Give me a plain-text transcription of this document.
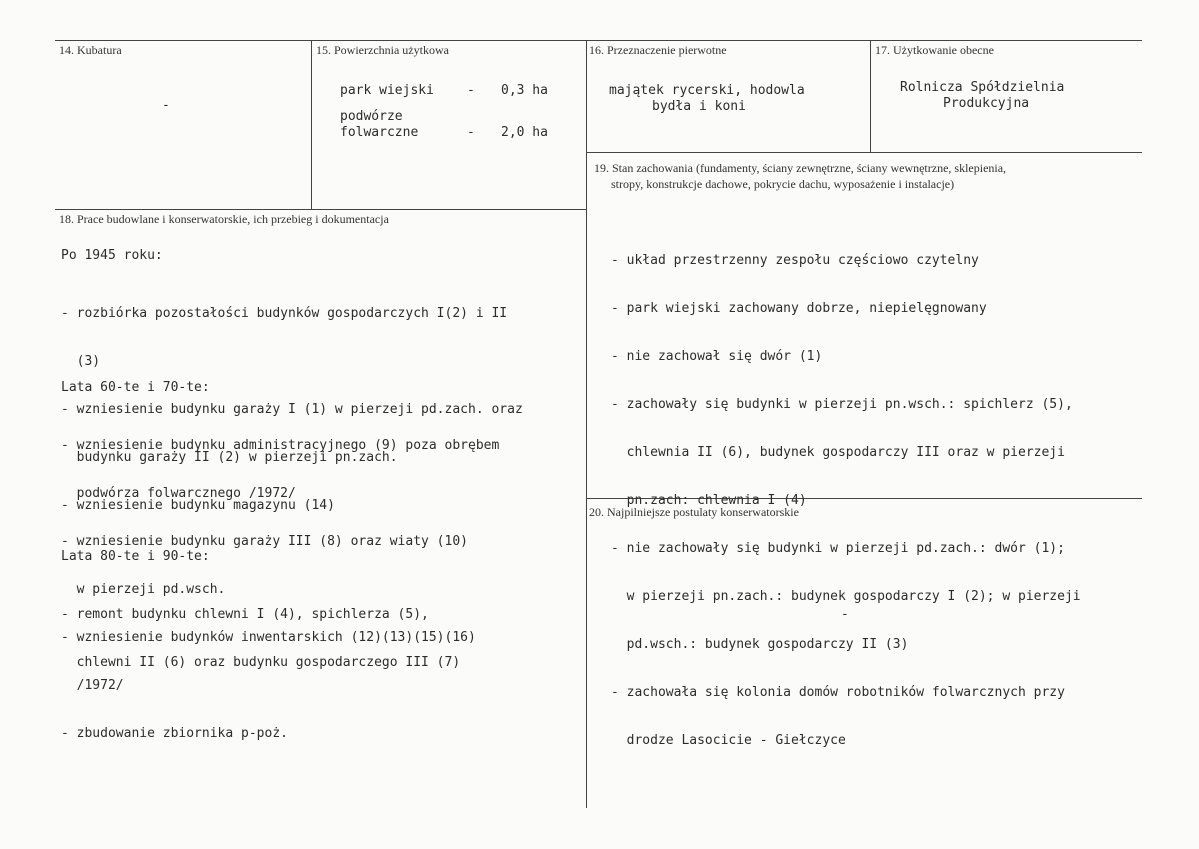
14. Kubatura
-
15. Powierzchnia użytkowa
park wiejski	- 0,3 ha
podwórze
folwarczne	- 2,0 ha
16. Przeznaczenie pierwotne
majątek rycerski, hodowla
bydła i koni
17. Użytkowanie obecne
Rolnicza Spółdzielnia
Produkcyjna
18. Prace budowlane i konserwatorskie, ich przebieg i dokumentacja
Po 1945 roku:

- rozbiórka pozostałości budynków gospodarczych I(2) i II

(3)

- wzniesienie budynku garaży I (1) w pierzeji pd.zach. oraz

budynku garaży II (2) w pierzeji pn.zach.

- wzniesienie budynku magazynu (14)

Lata 60-te i 70-te:

- wzniesienie budynku administracyjnego (9) poza obrębem

podwórza folwarcznego /1972/

- wzniesienie budynku garaży III (8) oraz wiaty (10)

w pierzeji pd.wsch.

- wzniesienie budynków inwentarskich (12)(13)(15)(16)

/1972/

- zbudowanie zbiornika p-poż.

Lata 80-te i 90-te:

- remont budynku chlewni I (4), spichlerza (5),

chlewni II (6) oraz budynku gospodarczego III (7)

19. Stan zachowania (fundamenty, ściany zewnętrzne, ściany wewnętrzne, sklepienia,
stropy, konstrukcje dachowe, pokrycie dachu, wyposażenie i instalacje)

- układ przestrzenny zespołu częściowo czytelny

- park wiejski zachowany dobrze, niepielęgnowany

- nie zachował się dwór (1)

- zachowały się budynki w pierzeji pn.wsch.: spichlerz (5),

chlewnia II (6), budynek gospodarczy III oraz w pierzeji

pn.zach: chlewnia I (4)

- nie zachowały się budynki w pierzeji pd.zach.: dwór (1);

w pierzeji pn.zach.: budynek gospodarczy I (2); w pierzeji

pd.wsch.: budynek gospodarczy II (3)

- zachowała się kolonia domów robotników folwarcznych przy

drodze Lasocicie - Giełczyce

20. Najpilniejsze postulaty konserwatorskie
-
